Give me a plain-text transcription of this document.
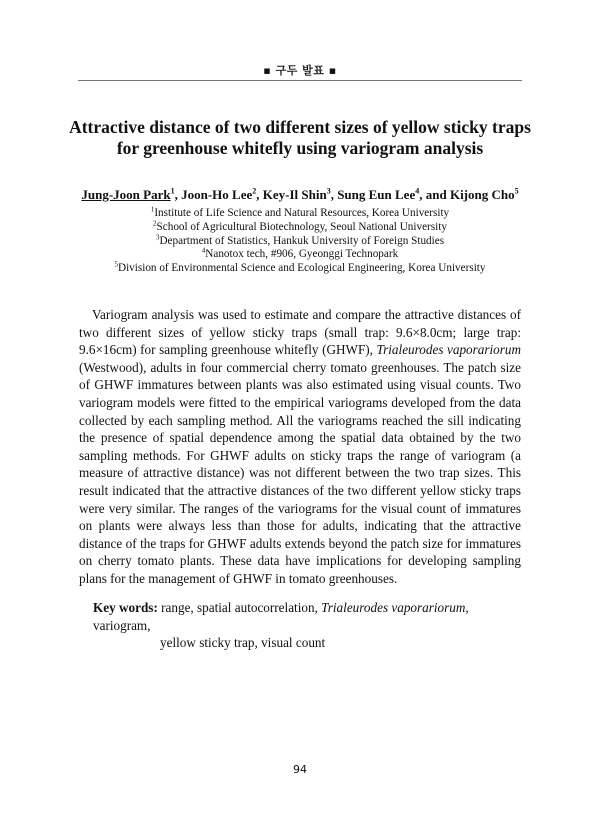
▪ 구두 발표 ▪
Attractive distance of two different sizes of yellow sticky traps
for greenhouse whitefly using variogram analysis
Jung-Joon Park$^1$, Joon-Ho Lee$^2$, Key-Il Shin$^3$, Sung Eun Lee$^4$, and Kijong Cho$^5$
$^1$Institute of Life Science and Natural Resources, Korea University
$^2$School of Agricultural Biotechnology, Seoul National University
$^3$Department of Statistics, Hankuk University of Foreign Studies
$^4$Nanotox tech, #906, Gyeonggi Technopark
$^5$Division of Environmental Science and Ecological Engineering, Korea University

Variogram analysis was used to estimate and compare the attractive distances of two different sizes of yellow sticky traps (small trap: 9.6×8.0cm; large trap: 9.6×16cm) for sampling greenhouse whitefly (GHWF), Trialeurodes vaporariorum (Westwood), adults in four commercial cherry tomato greenhouses. The patch size of GHWF immatures between plants was also estimated using visual counts. Two variogram models were fitted to the empirical variograms developed from the data collected by each sampling method. All the variograms reached the sill indicating the presence of spatial dependence among the spatial data obtained by the two sampling methods. For GHWF adults on sticky traps the range of variogram (a measure of attractive distance) was not different between the two trap sizes. This result indicated that the attractive distances of the two different yellow sticky traps were very similar. The ranges of the variograms for the visual count of immatures on plants were always less than those for adults, indicating that the attractive distance of the traps for GHWF adults extends beyond the patch size for immatures on cherry tomato plants. These data have implications for developing sampling plans for the management of GHWF in tomato greenhouses.

Key words: range, spatial autocorrelation, Trialeurodes vaporariorum, variogram,
yellow sticky trap, visual count
94
